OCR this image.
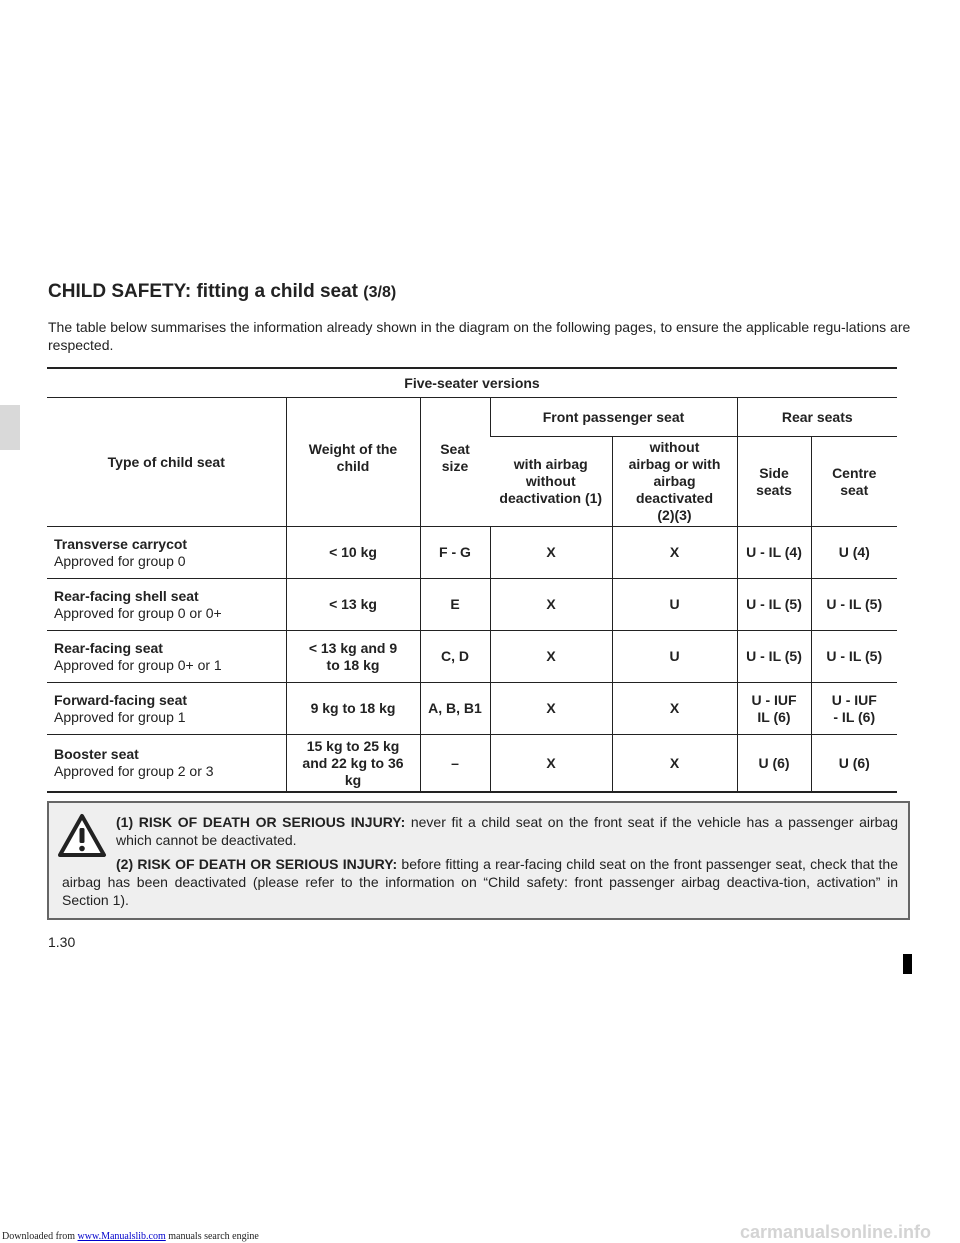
CHILD SAFETY: fitting a child seat (3/8)

The table below summarises the information already shown in the diagram on the following pages, to ensure the applicable regu-lations are respected.

Five-seater versions						
Type of child seat	Weight of the child	Seat size	Front passenger seat		Rear seats	
			with airbag without deactivation (1)	without airbag or with airbag deactivated (2)(3)	Side seats	Centre seat

Transverse carrycot
Approved for group 0	< 10 kg	F - G	X	X	U - IL (4)	U (4)

Rear-facing shell seat
Approved for group 0 or 0+	< 13 kg	E	X	U	U - IL (5)	U - IL (5)

Rear-facing seat
Approved for group 0+ or 1	< 13 kg and 9 to 18 kg	C, D	X	U	U - IL (5)	U - IL (5)

Forward-facing seat
Approved for group 1	9 kg to 18 kg	A, B, B1	X	X	U - IUF IL (6)	U - IUF - IL (6)

Booster seat
Approved for group 2 or 3	15 kg to 25 kg and 22 kg to 36 kg	–	X	X	U (6)	U (6)

(1) RISK OF DEATH OR SERIOUS INJURY: never fit a child seat on the front seat if the vehicle has a passenger airbag which cannot be deactivated.

(2) RISK OF DEATH OR SERIOUS INJURY: before fitting a rear-facing child seat on the front passenger seat, check that the airbag has been deactivated (please refer to the information on “Child safety: front passenger airbag deactiva-tion, activation” in Section 1).

1.30
Downloaded from www.Manualslib.com manuals search engine	carmanualsonline.info
